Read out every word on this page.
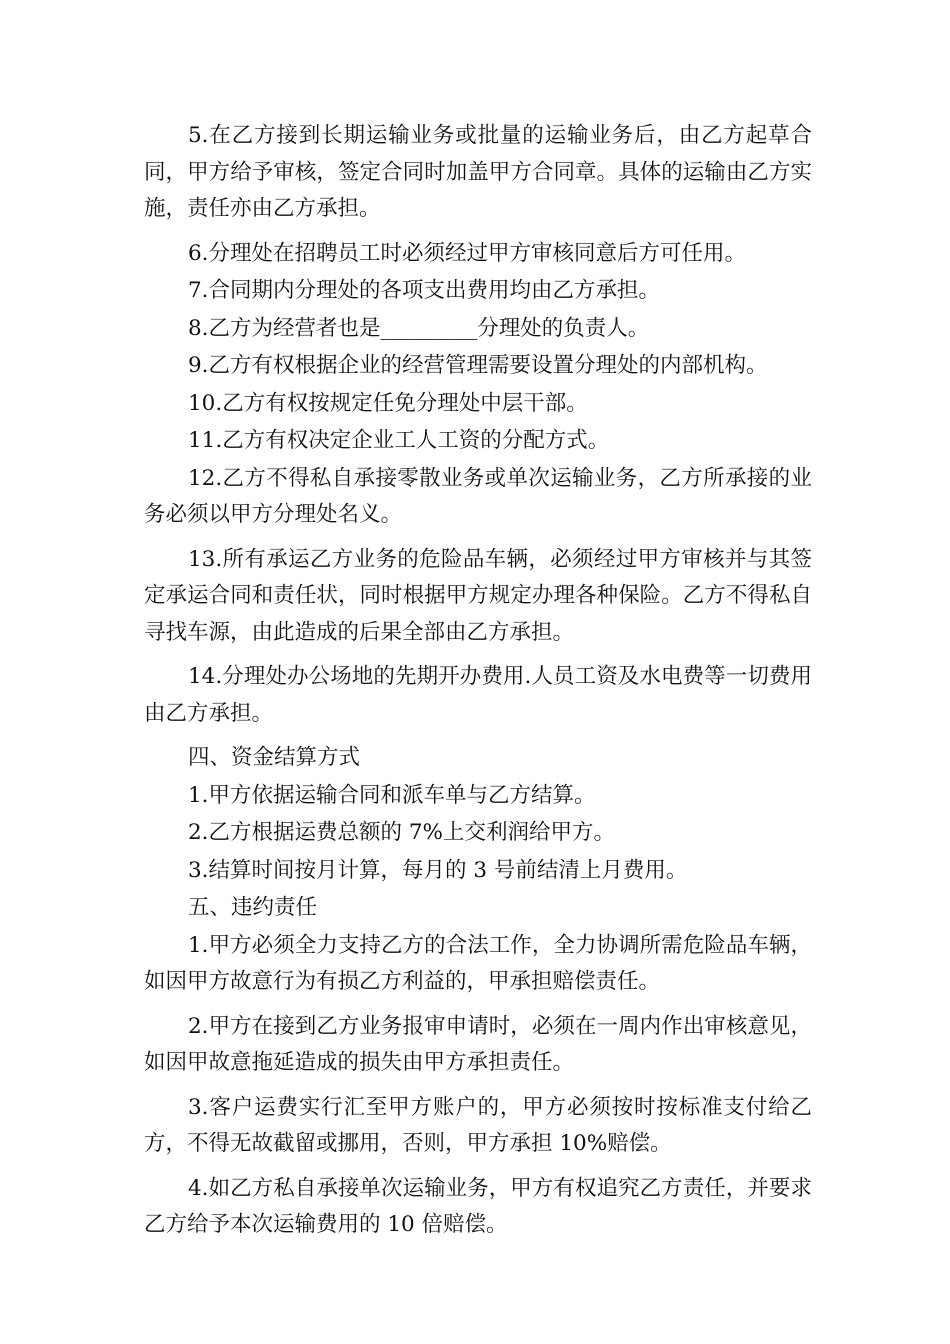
5.在乙方接到长期运输业务或批量的运输业务后，由乙方起草合同，甲方给予审核，签定合同时加盖甲方合同章。具体的运输由乙方实施，责任亦由乙方承担。

6.分理处在招聘员工时必须经过甲方审核同意后方可任用。

7.合同期内分理处的各项支出费用均由乙方承担。

8.乙方为经营者也是_________分理处的负责人。

9.乙方有权根据企业的经营管理需要设置分理处的内部机构。

10.乙方有权按规定任免分理处中层干部。

11.乙方有权决定企业工人工资的分配方式。

12.乙方不得私自承接零散业务或单次运输业务，乙方所承接的业务必须以甲方分理处名义。

13.所有承运乙方业务的危险品车辆，必须经过甲方审核并与其签定承运合同和责任状，同时根据甲方规定办理各种保险。乙方不得私自寻找车源，由此造成的后果全部由乙方承担。

14.分理处办公场地的先期开办费用.人员工资及水电费等一切费用由乙方承担。

四、资金结算方式

1.甲方依据运输合同和派车单与乙方结算。

2.乙方根据运费总额的 7%上交利润给甲方。

3.结算时间按月计算，每月的 3 号前结清上月费用。

五、违约责任

1.甲方必须全力支持乙方的合法工作，全力协调所需危险品车辆，如因甲方故意行为有损乙方利益的，甲承担赔偿责任。

2.甲方在接到乙方业务报审申请时，必须在一周内作出审核意见，如因甲故意拖延造成的损失由甲方承担责任。

3.客户运费实行汇至甲方账户的，甲方必须按时按标准支付给乙方，不得无故截留或挪用，否则，甲方承担 10%赔偿。

4.如乙方私自承接单次运输业务，甲方有权追究乙方责任，并要求乙方给予本次运输费用的 10 倍赔偿。
